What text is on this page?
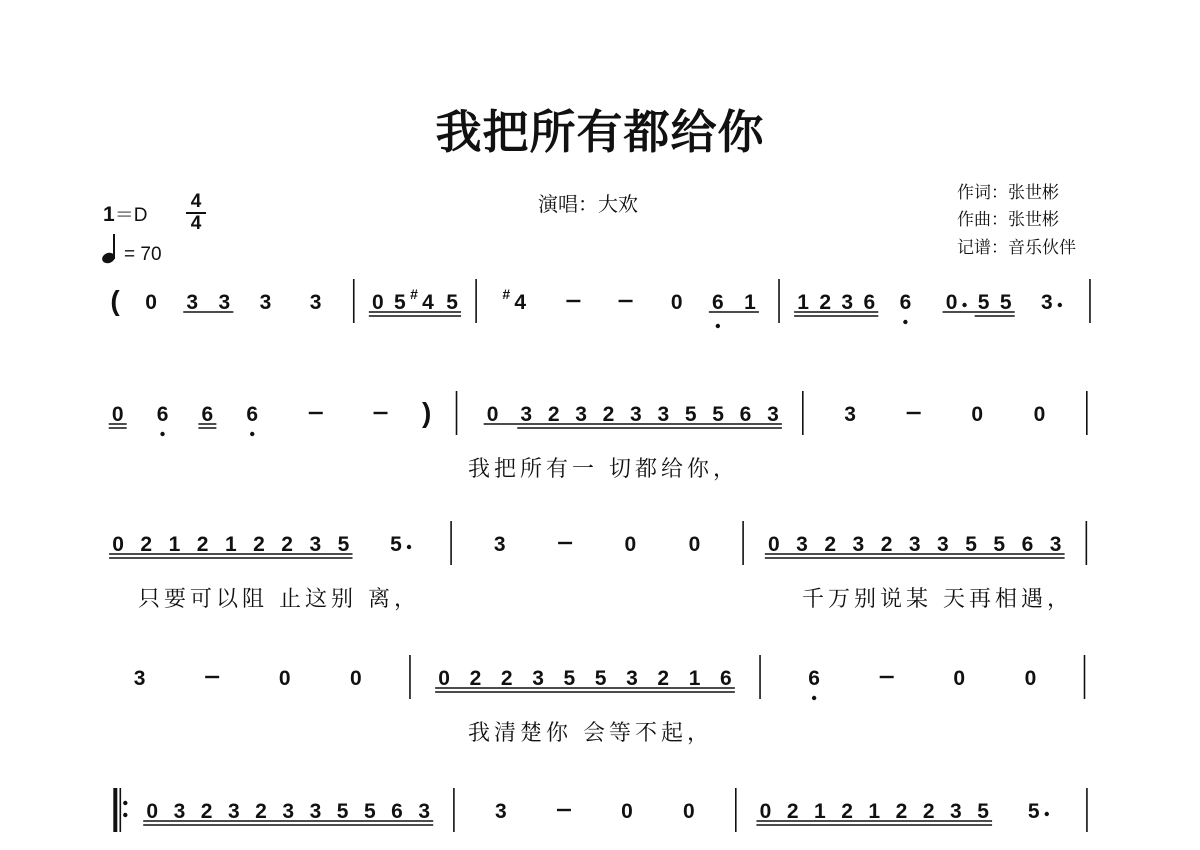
我把所有都给你
演唱：大欢	作词：张世彬
作曲：张世彬
记谱：音乐伙伴
1＝D
4
4
= 70
( 0 3 3 3 3 0 5 # 4 5	# 4	0 6 1 1 2 3 6 6 0 5 5 3
0 6 6 6	)	0 3 2 3 2 3 3 5 5 6 3	3	0 0
0 2 1 2 1 2 2 3 5 5	3	0 0	0 3 2 3 2 3 3 5 5 6 3
3	0	0	0 2 2 3 5 5 3 2 1 6	6	0	0
0 3 2 3 2 3 3 5 5 6 3	3	0 0	0 2 1 2 1 2 2 3 5 5
我把所有一 切都给你，
只要可以阻 止这别 离，	千万别说某 天再相遇，
我清楚你 会等不起，
